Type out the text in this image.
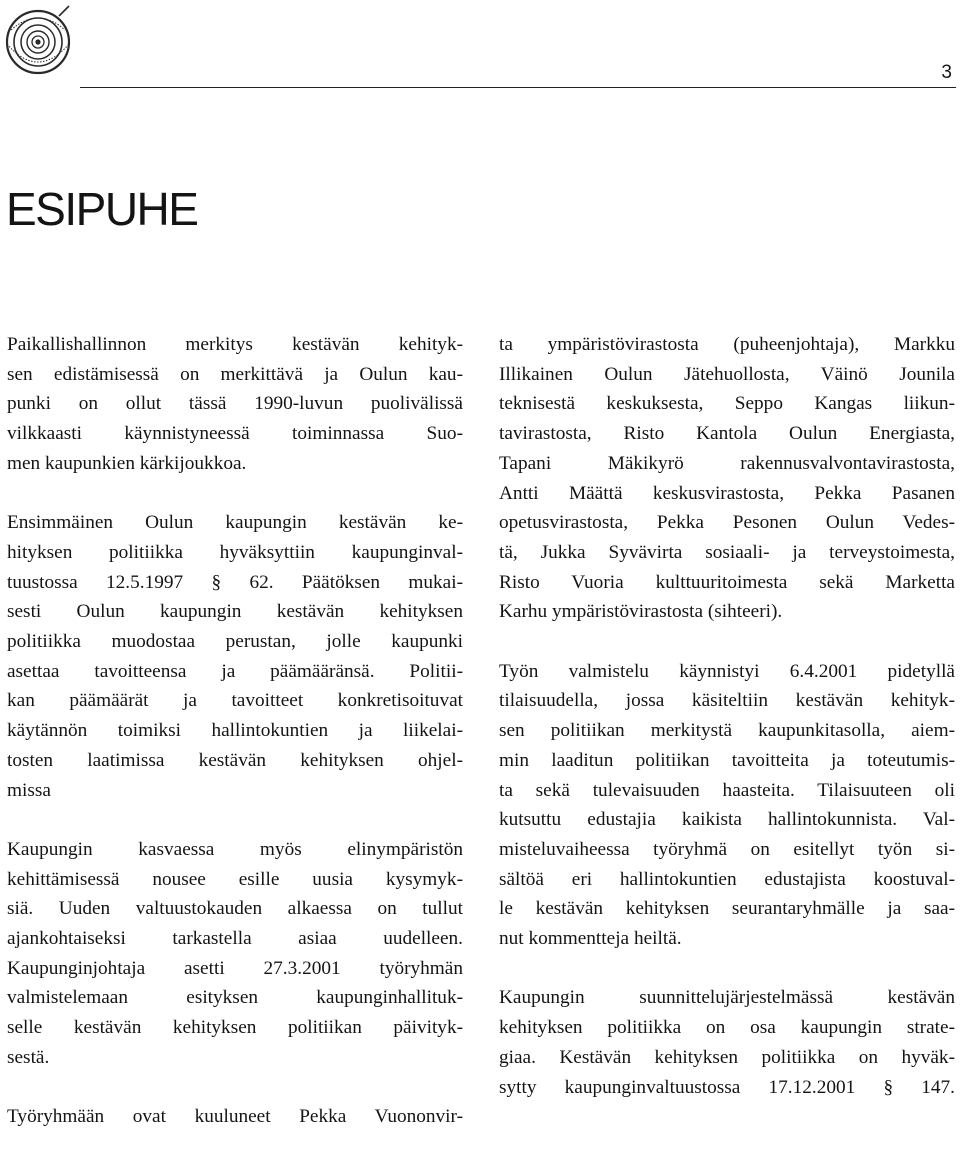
3
ESIPUHE

Paikallishallinnon merkitys kestävän kehityk-
sen edistämisessä on merkittävä ja Oulun kau-
punki on ollut tässä 1990-luvun puolivälissä
vilkkaasti käynnistyneessä toiminnassa Suo-
men kaupunkien kärkijoukkoa.

Ensimmäinen Oulun kaupungin kestävän ke-
hityksen politiikka hyväksyttiin kaupunginval-
tuustossa 12.5.1997 § 62. Päätöksen mukai-
sesti Oulun kaupungin kestävän kehityksen
politiikka muodostaa perustan, jolle kaupunki
asettaa tavoitteensa ja päämääränsä. Politii-
kan päämäärät ja tavoitteet konkretisoituvat
käytännön toimiksi hallintokuntien ja liikelai-
tosten laatimissa kestävän kehityksen ohjel-
missa

Kaupungin kasvaessa myös elinympäristön
kehittämisessä nousee esille uusia kysymyk-
siä. Uuden valtuustokauden alkaessa on tullut
ajankohtaiseksi tarkastella asiaa uudelleen.
Kaupunginjohtaja asetti 27.3.2001 työryhmän
valmistelemaan esityksen kaupunginhallituk-
selle kestävän kehityksen politiikan päivityk-
sestä.

Työryhmään ovat kuuluneet Pekka Vuononvir-

ta ympäristövirastosta (puheenjohtaja), Markku
Illikainen Oulun Jätehuollosta, Väinö Jounila
teknisestä keskuksesta, Seppo Kangas liikun-
tavirastosta, Risto Kantola Oulun Energiasta,
Tapani Mäkikyrö rakennusvalvontavirastosta,
Antti Määttä keskusvirastosta, Pekka Pasanen
opetusvirastosta, Pekka Pesonen Oulun Vedes-
tä, Jukka Syvävirta sosiaali- ja terveystoimesta,
Risto Vuoria kulttuuritoimesta sekä Marketta
Karhu ympäristövirastosta (sihteeri).

Työn valmistelu käynnistyi 6.4.2001 pidetyllä
tilaisuudella, jossa käsiteltiin kestävän kehityk-
sen politiikan merkitystä kaupunkitasolla, aiem-
min laaditun politiikan tavoitteita ja toteutumis-
ta sekä tulevaisuuden haasteita. Tilaisuuteen oli
kutsuttu edustajia kaikista hallintokunnista. Val-
misteluvaiheessa työryhmä on esitellyt työn si-
sältöä eri hallintokuntien edustajista koostuval-
le kestävän kehityksen seurantaryhmälle ja saa-
nut kommentteja heiltä.

Kaupungin suunnittelujärjestelmässä kestävän
kehityksen politiikka on osa kaupungin strate-
giaa. Kestävän kehityksen politiikka on hyväk-
sytty kaupunginvaltuustossa 17.12.2001 § 147.
